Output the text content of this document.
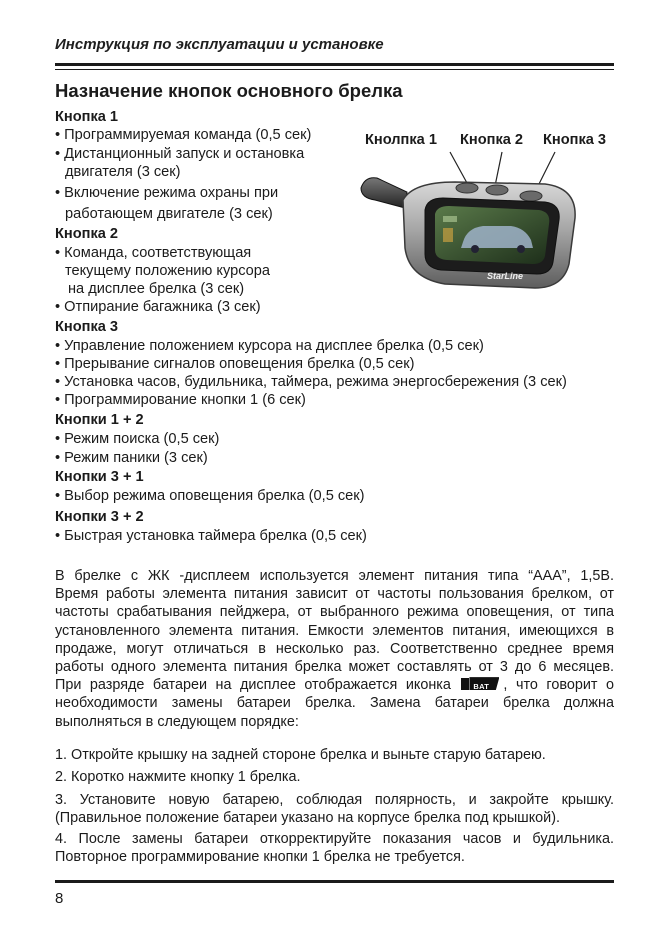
Инструкция по эксплуатации и установке
Назначение кнопок основного брелка
Кнопка 1
• Программируемая команда (0,5 сек)
• Дистанционный запуск и остановка
двигателя (3 сек)
• Включение режима охраны при
работающем двигателе (3 сек)
Кнопка 2
• Команда, соответствующая
текущему положению курсора
на дисплее брелка (3 сек)
• Отпирание багажника (3 сек)
Кнопка 3
• Управление положением курсора на дисплее брелка (0,5 сек)
• Прерывание сигналов оповещения брелка (0,5 сек)
• Установка часов, будильника, таймера, режима энергосбережения (3 сек)
• Программирование кнопки 1 (6 сек)
Кнопки 1 + 2
• Режим поиска (0,5 сек)
• Режим паники (3 сек)
Кнопки 3 + 1
• Выбор режима оповещения брелка (0,5 сек)
Кнопки 3 + 2
• Быстрая установка таймера брелка (0,5 сек)
Кнолпка 1 Кнопка 2 Кнопка 3
StarLine
В брелке с ЖК -дисплеем используется элемент питания типа “ААА”, 1,5В.
Время работы элемента питания зависит от частоты пользования брелком, от
частоты срабатывания пейджера, от выбранного режима оповещения, от типа
установленного элемента питания. Емкости элементов питания, имеющихся в
продаже, могут отличаться в несколько раз. Соответственно среднее время
работы одного элемента питания брелка может составлять от 3 до 6 месяцев.
При разряде батареи на дисплее отображается иконка	BAT , что говорит о
необходимости замены батареи брелка. Замена батареи брелка должна
выполняться в следующем порядке:
1. Откройте крышку на задней стороне брелка и выньте старую батарею.
2. Коротко нажмите кнопку 1 брелка.
3. Установите новую батарею, соблюдая полярность, и закройте крышку.
(Правильное положение батареи указано на корпусе брелка под крышкой).
4. После замены батареи откорректируйте показания часов и будильника.
Повторное программирование кнопки 1 брелка не требуется.
8
